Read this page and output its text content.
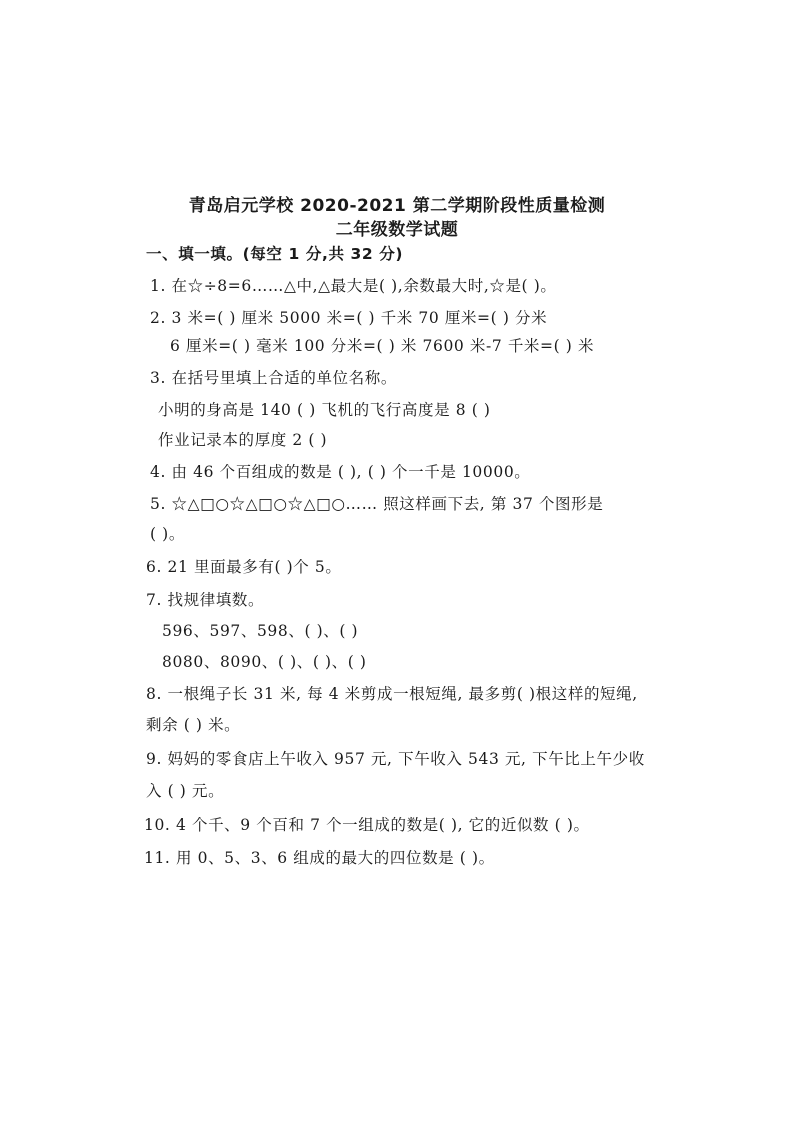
青岛启元学校 2020-2021 第二学期阶段性质量检测
二年级数学试题
一、填一填。(每空 1 分,共 32 分)
1. 在☆÷8=6……△中,△最大是( ),余数最大时,☆是( )。
2. 3 米=( ) 厘米 5000 米=( ) 千米 70 厘米=( ) 分米
6 厘米=( ) 毫米 100 分米=( ) 米 7600 米-7 千米=( ) 米
3. 在括号里填上合适的单位名称。
小明的身高是 140 ( ) 飞机的飞行高度是 8 ( )
作业记录本的厚度 2 ( )
4. 由 46 个百组成的数是 ( ), ( ) 个一千是 10000。
5. ☆△□○☆△□○☆△□○…… 照这样画下去, 第 37 个图形是
( )。
6. 21 里面最多有( )个 5。
7. 找规律填数。
596、597、598、( )、( )
8080、8090、( )、( )、( )
8. 一根绳子长 31 米, 每 4 米剪成一根短绳, 最多剪( )根这样的短绳,
剩余 ( ) 米。
9. 妈妈的零食店上午收入 957 元, 下午收入 543 元, 下午比上午少收
入 ( ) 元。
10. 4 个千、9 个百和 7 个一组成的数是( ), 它的近似数 ( )。
11. 用 0、5、3、6 组成的最大的四位数是 ( )。
